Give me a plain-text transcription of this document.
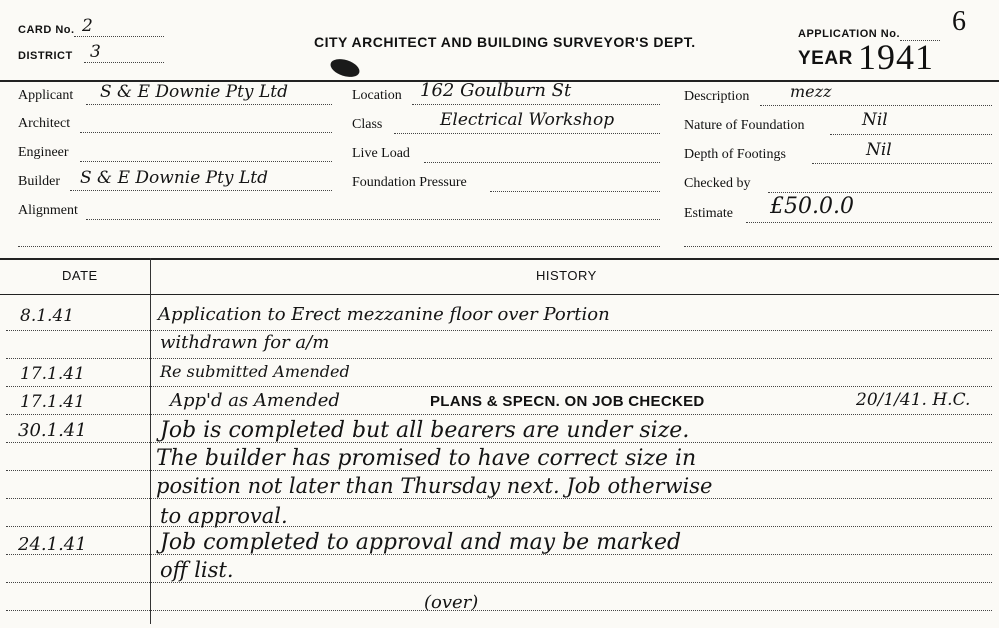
CARD No. 2
DISTRICT 3	CITY ARCHITECT AND BUILDING SURVEYOR'S DEPT.	APPLICATION No. 6
YEAR 1941
Applicant S & E Downie Pty Ltd
Architect
Engineer
Builder S & E Downie Pty Ltd
Alignment
Location 162 Goulburn St
Class	Electrical Workshop
Live Load
Foundation Pressure
Description	mezz
Nature of Foundation	Nil
Depth of Footings	Nil
Checked by
Estimate £50.0.0
DATE	HISTORY
8.1.41	Application to Erect mezzanine floor over Portion
withdrawn for a/m
17.1.41	Re submitted Amended
17.1.41	App'd as Amended	PLANS & SPECN. ON JOB CHECKED	20/1/41. H.C.
30.1.41	Job is completed but all bearers are under size.
The builder has promised to have correct size in
position not later than Thursday next. Job otherwise
to approval.
24.1.41	Job completed to approval and may be marked
off list.
(over)
